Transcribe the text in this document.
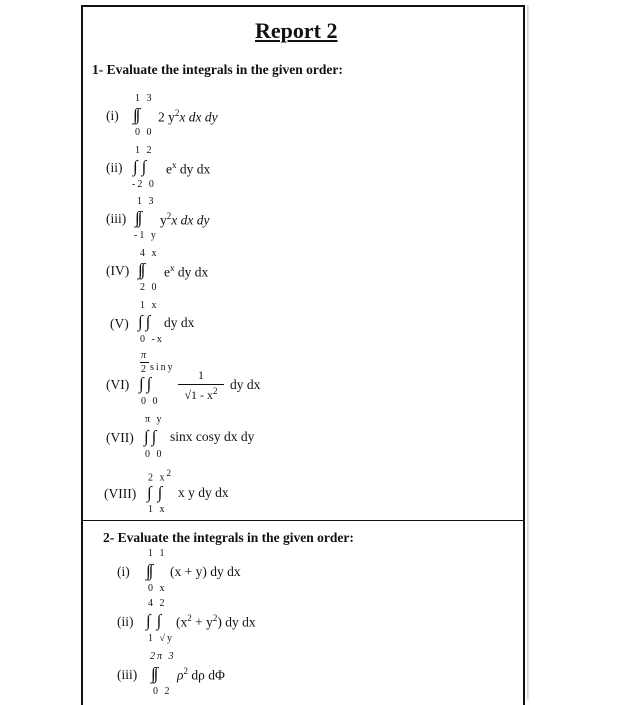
Report 2
1- Evaluate the integrals in the given order:
(i)
1 3
∫∫
0 0
2 $y^2x$ dx dy
(ii)
1 2
∫∫
-2 0
$e^x$ dy dx
(iii)
1 3
∫∫
-1 y
$y^2x$ dx dy
(IV)
4 x
∫∫
2 0
$e^x$ dy dx
(V)
1 x
∫∫
0 -x
dy dx
(VI)
π
2 siny
∫∫
0 0
1
$√1 - x^2$ dy dx
(VII)
π y
∫∫
0 0
sinx cosy dx dy
(VIII)
2 $x^2$
∫∫
1 x
x y dy dx
2- Evaluate the integrals in the given order:
(i)
1 1
∫∫
0 x
(x + y) dy dx
(ii)
4 2
∫∫
1 √y
$(x^2 + y^2)$ dy dx
(iii)
2π 3
∫∫
0 2
$\rho^2$ dρ dΦ
